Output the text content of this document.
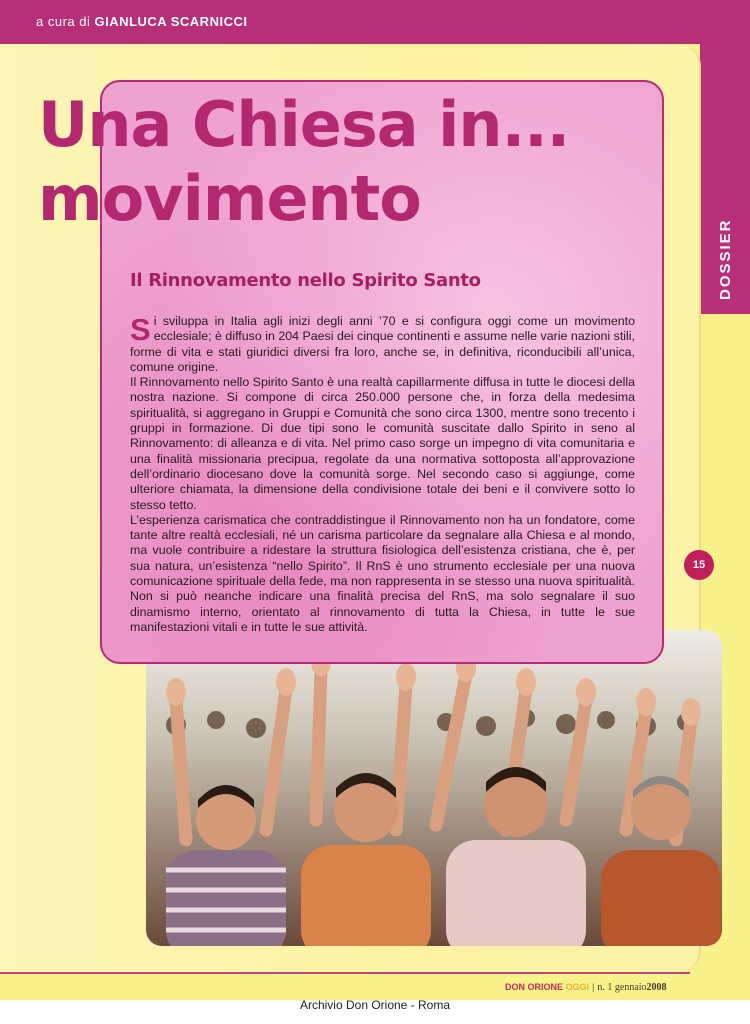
a cura di GIANLUCA SCARNICCI
DOSSIER
15
Una Chiesa in...
movimento
Il Rinnovamento nello Spirito Santo

Si sviluppa in Italia agli inizi degli anni ’70 e si configura oggi come un movimento ecclesiale; è diffuso in 204 Paesi dei cinque continenti e assume nelle varie nazioni stili, forme di vita e stati giuridici diversi fra loro, anche se, in definitiva, riconducibili all’unica, comune origine.

Il Rinnovamento nello Spirito Santo è una realtà capillarmente diffusa in tutte le diocesi della nostra nazione. Si compone di circa 250.000 persone che, in forza della medesima spiritualità, si aggregano in Gruppi e Comunità che sono circa 1300, mentre sono trecento i gruppi in formazione. Di due tipi sono le comunità suscitate dallo Spirito in seno al Rinnovamento: di alleanza e di vita. Nel primo caso sorge un impegno di vita comunitaria e una finalità missionaria precipua, regolate da una normativa sottoposta all’approvazione dell’ordinario diocesano dove la comunità sorge. Nel secondo caso si aggiunge, come ulteriore chiamata, la dimensione della condivisione totale dei beni e il convivere sotto lo stesso tetto.

L’esperienza carismatica che contraddistingue il Rinnovamento non ha un fondatore, come tante altre realtà ecclesiali, né un carisma particolare da segnalare alla Chiesa e al mondo, ma vuole contribuire a ridestare la struttura fisiologica dell’esistenza cristiana, che è, per sua natura, un’esistenza “nello Spirito”. Il RnS è uno strumento ecclesiale per una nuova comunicazione spirituale della fede, ma non rappresenta in se stesso una nuova spiritualità. Non si può neanche indicare una finalità precisa del RnS, ma solo segnalare il suo dinamismo interno, orientato al rinnovamento di tutta la Chiesa, in tutte le sue manifestazioni vitali e in tutte le sue attività.

DON ORIONE OGGI | n. 1 gennaio2008
Archivio Don Orione - Roma
